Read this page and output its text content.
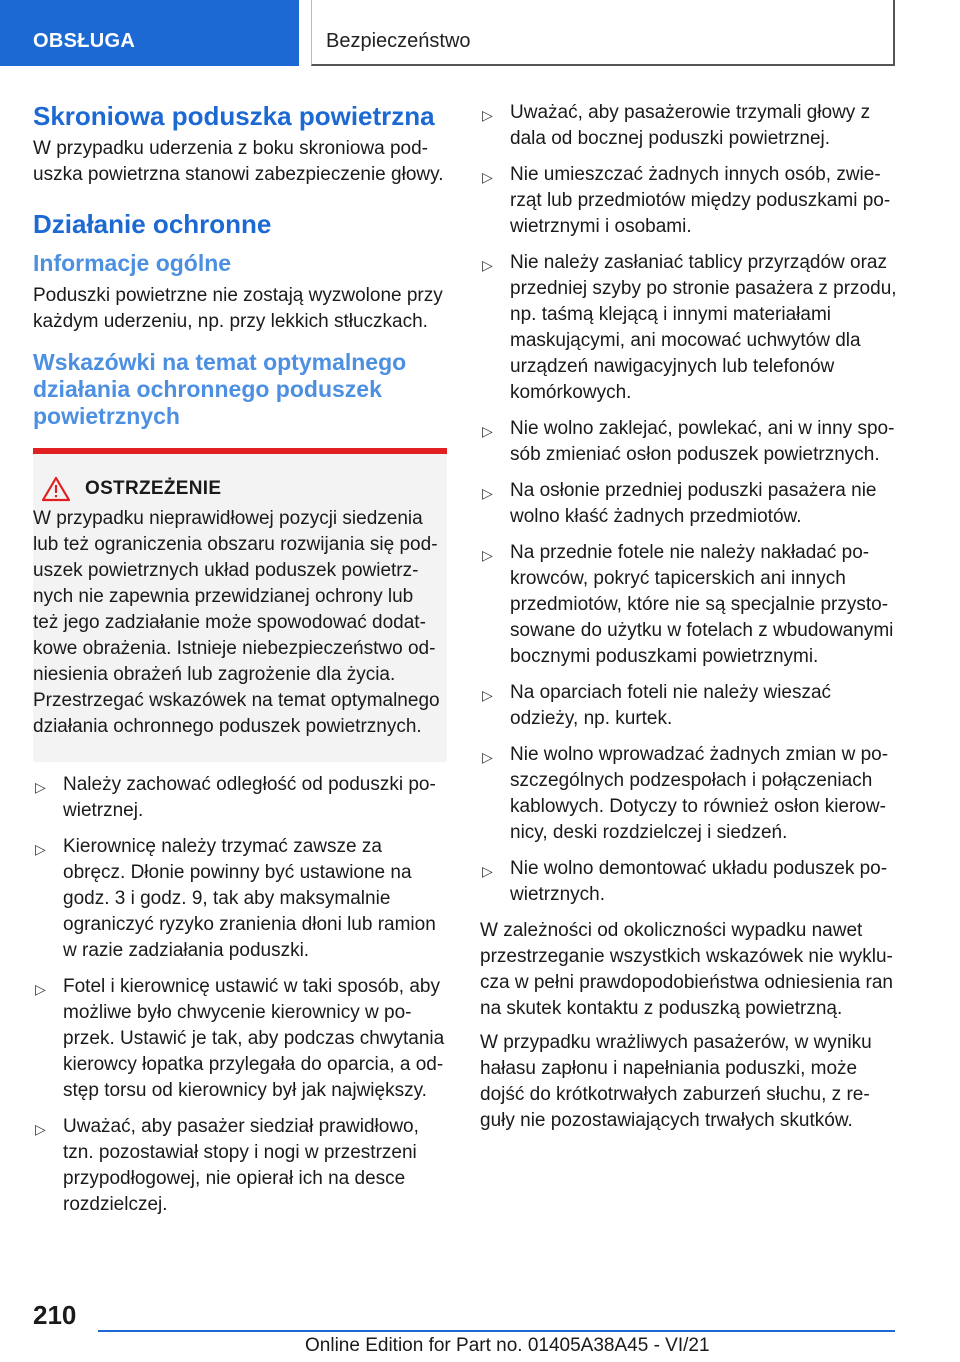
OBSŁUGA	Bezpieczeństwo
Skroniowa poduszka powietrzna

W przypadku uderzenia z boku skroniowa poduszka powietrzna stanowi zabezpieczenie głowy.

Działanie ochronne
Informacje ogólne

Poduszki powietrzne nie zostają wyzwolone przy każdym uderzeniu, np. przy lekkich stłuczkach.

Wskazówki na temat optymalnego działania ochronnego poduszek powietrznych
OSTRZEŻENIE

W przypadku nieprawidłowej pozycji siedzenia lub też ograniczenia obszaru rozwijania się poduszek powietrznych układ poduszek powietrznych nie zapewnia przewidzianej ochrony lub też jego zadziałanie może spowodować dodatkowe obrażenia. Istnieje niebezpieczeństwo odniesienia obrażeń lub zagrożenie dla życia. Przestrzegać wskazówek na temat optymalnego działania ochronnego poduszek powietrznych.

▷ Należy zachować odległość od poduszki powietrznej.
▷ Kierownicę należy trzymać zawsze za obręcz. Dłonie powinny być ustawione na godz. 3 i godz. 9, tak aby maksymalnie ograniczyć ryzyko zranienia dłoni lub ramion w razie zadziałania poduszki.
▷ Fotel i kierownicę ustawić w taki sposób, aby możliwe było chwycenie kierownicy w poprzek. Ustawić je tak, aby podczas chwytania kierowcy łopatka przylegała do oparcia, a odstęp torsu od kierownicy był jak największy.
▷ Uważać, aby pasażer siedział prawidłowo, tzn. pozostawiał stopy i nogi w przestrzeni przypodłogowej, nie opierał ich na desce rozdzielczej.
▷ Uważać, aby pasażerowie trzymali głowy z dala od bocznej poduszki powietrznej.
▷ Nie umieszczać żadnych innych osób, zwierząt lub przedmiotów między poduszkami powietrznymi i osobami.
▷ Nie należy zasłaniać tablicy przyrządów oraz przedniej szyby po stronie pasażera z przodu, np. taśmą klejącą i innymi materiałami maskującymi, ani mocować uchwytów dla urządzeń nawigacyjnych lub telefonów komórkowych.
▷ Nie wolno zaklejać, powlekać, ani w inny sposób zmieniać osłon poduszek powietrznych.
▷ Na osłonie przedniej poduszki pasażera nie wolno kłaść żadnych przedmiotów.
▷ Na przednie fotele nie należy nakładać pokrowców, pokryć tapicerskich ani innych przedmiotów, które nie są specjalnie przystosowane do użytku w fotelach z wbudowanymi bocznymi poduszkami powietrznymi.
▷ Na oparciach foteli nie należy wieszać odzieży, np. kurtek.
▷ Nie wolno wprowadzać żadnych zmian w poszczególnych podzespołach i połączeniach kablowych. Dotyczy to również osłon kierownicy, deski rozdzielczej i siedzeń.
▷ Nie wolno demontować układu poduszek powietrznych.

W zależności od okoliczności wypadku nawet przestrzeganie wszystkich wskazówek nie wyklucza w pełni prawdopodobieństwa odniesienia ran na skutek kontaktu z poduszką powietrzną.

W przypadku wrażliwych pasażerów, w wyniku hałasu zapłonu i napełniania poduszki, może dojść do krótkotrwałych zaburzeń słuchu, z reguły nie pozostawiających trwałych skutków.

210
Online Edition for Part no. 01405A38A45 - VI/21
